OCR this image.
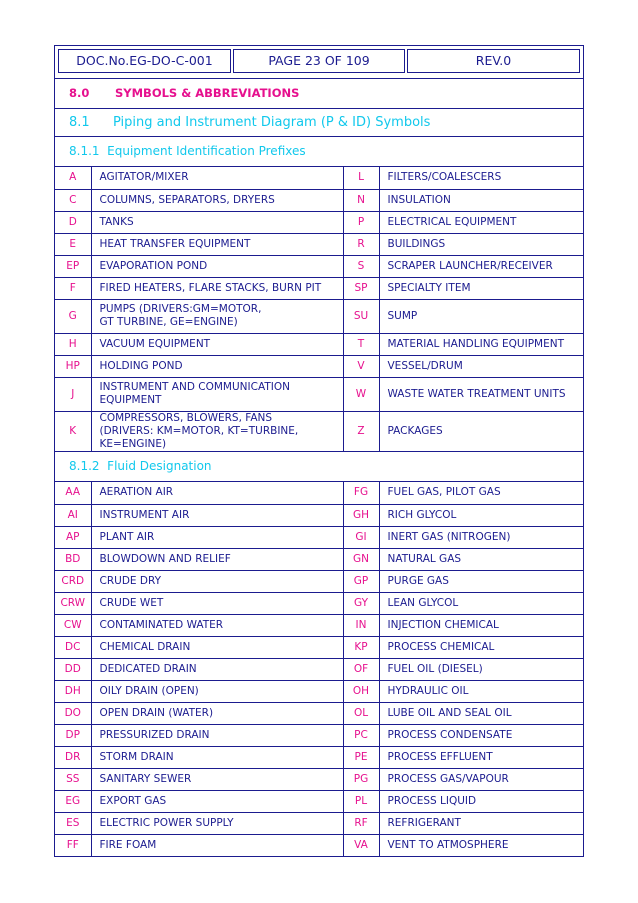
DOC.No.EG-DO-C-001	PAGE 23 OF 109	REV.0
8.0 SYMBOLS & ABBREVIATIONS
8.1 Piping and Instrument Diagram (P & ID) Symbols
8.1.1  Equipment Identification Prefixes
A	AGITATOR/MIXER	L	FILTERS/COALESCERS
C	COLUMNS, SEPARATORS, DRYERS	N	INSULATION
D	TANKS	P	ELECTRICAL EQUIPMENT
E	HEAT TRANSFER EQUIPMENT	R	BUILDINGS
EP	EVAPORATION POND	S	SCRAPER LAUNCHER/RECEIVER
F	FIRED HEATERS, FLARE STACKS, BURN PIT	SP	SPECIALTY ITEM
G	PUMPS (DRIVERS:GM=MOTOR,
GT TURBINE, GE=ENGINE)	SU	SUMP
H	VACUUM EQUIPMENT	T	MATERIAL HANDLING EQUIPMENT
HP	HOLDING POND	V	VESSEL/DRUM
J	INSTRUMENT AND COMMUNICATION
EQUIPMENT	W	WASTE WATER TREATMENT UNITS
K	COMPRESSORS, BLOWERS, FANS
(DRIVERS: KM=MOTOR, KT=TURBINE, KE=ENGINE)	Z	PACKAGES
8.1.2  Fluid Designation
AA	AERATION AIR	FG	FUEL GAS, PILOT GAS
AI	INSTRUMENT AIR	GH	RICH GLYCOL
AP	PLANT AIR	GI	INERT GAS (NITROGEN)
BD	BLOWDOWN AND RELIEF	GN	NATURAL GAS
CRD	CRUDE DRY	GP	PURGE GAS
CRW	CRUDE WET	GY	LEAN GLYCOL
CW	CONTAMINATED WATER	IN	INJECTION CHEMICAL
DC	CHEMICAL DRAIN	KP	PROCESS CHEMICAL
DD	DEDICATED DRAIN	OF	FUEL OIL (DIESEL)
DH	OILY DRAIN (OPEN)	OH	HYDRAULIC OIL
DO	OPEN DRAIN (WATER)	OL	LUBE OIL AND SEAL OIL
DP	PRESSURIZED DRAIN	PC	PROCESS CONDENSATE
DR	STORM DRAIN	PE	PROCESS EFFLUENT
SS	SANITARY SEWER	PG	PROCESS GAS/VAPOUR
EG	EXPORT GAS	PL	PROCESS LIQUID
ES	ELECTRIC POWER SUPPLY	RF	REFRIGERANT
FF	FIRE FOAM	VA	VENT TO ATMOSPHERE
